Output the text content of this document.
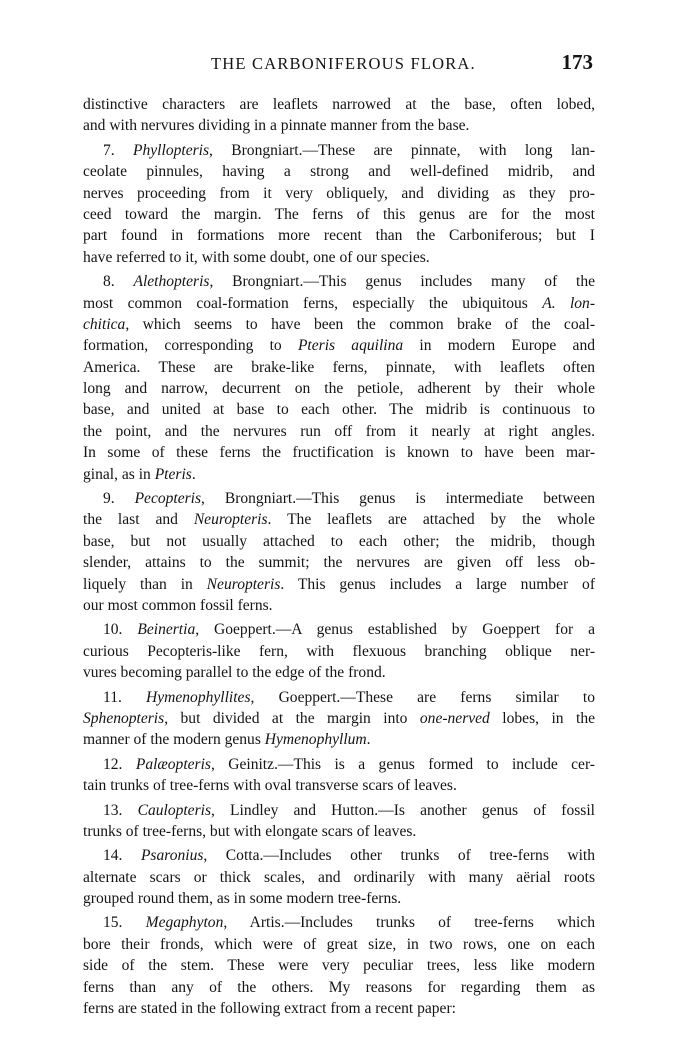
THE CARBONIFEROUS FLORA.	173
distinctive characters are leaflets narrowed at the base, often lobed,
and with nervures dividing in a pinnate manner from the base.
7. Phyllopteris, Brongniart.—These are pinnate, with long lan-
ceolate pinnules, having a strong and well-defined midrib, and
nerves proceeding from it very obliquely, and dividing as they pro-
ceed toward the margin. The ferns of this genus are for the most
part found in formations more recent than the Carboniferous; but I
have referred to it, with some doubt, one of our species.
8. Alethopteris, Brongniart.—This genus includes many of the
most common coal-formation ferns, especially the ubiquitous A. lon-
chitica, which seems to have been the common brake of the coal-
formation, corresponding to Pteris aquilina in modern Europe and
America. These are brake-like ferns, pinnate, with leaflets often
long and narrow, decurrent on the petiole, adherent by their whole
base, and united at base to each other. The midrib is continuous to
the point, and the nervures run off from it nearly at right angles.
In some of these ferns the fructification is known to have been mar-
ginal, as in Pteris.
9. Pecopteris, Brongniart.—This genus is intermediate between
the last and Neuropteris. The leaflets are attached by the whole
base, but not usually attached to each other; the midrib, though
slender, attains to the summit; the nervures are given off less ob-
liquely than in Neuropteris. This genus includes a large number of
our most common fossil ferns.
10. Beinertia, Goeppert.—A genus established by Goeppert for a
curious Pecopteris-like fern, with flexuous branching oblique ner-
vures becoming parallel to the edge of the frond.
11. Hymenophyllites, Goeppert.—These are ferns similar to
Sphenopteris, but divided at the margin into one-nerved lobes, in the
manner of the modern genus Hymenophyllum.
12. Palæopteris, Geinitz.—This is a genus formed to include cer-
tain trunks of tree-ferns with oval transverse scars of leaves.
13. Caulopteris, Lindley and Hutton.—Is another genus of fossil
trunks of tree-ferns, but with elongate scars of leaves.
14. Psaronius, Cotta.—Includes other trunks of tree-ferns with
alternate scars or thick scales, and ordinarily with many aërial roots
grouped round them, as in some modern tree-ferns.
15. Megaphyton, Artis.—Includes trunks of tree-ferns which
bore their fronds, which were of great size, in two rows, one on each
side of the stem. These were very peculiar trees, less like modern
ferns than any of the others. My reasons for regarding them as
ferns are stated in the following extract from a recent paper:
